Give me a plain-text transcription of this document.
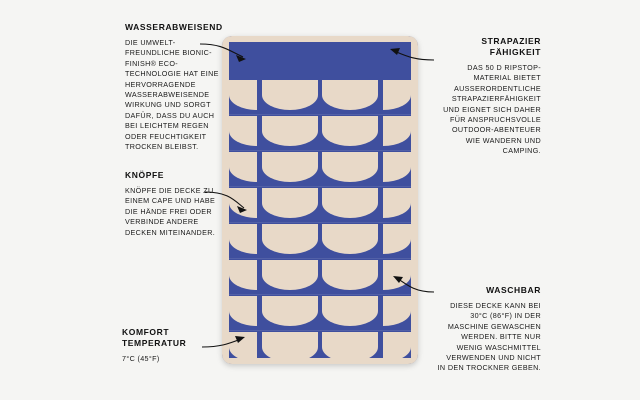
WASSERABWEISEND
DIE UMWELT-FREUNDLICHE BIONIC-FINISH® ECO-TECHNOLOGIE HAT EINE HERVORRAGENDE WASSERABWEISENDE WIRKUNG UND SORGT DAFÜR, DASS DU AUCH BEI LEICHTEM REGEN ODER FEUCHTIGKEIT TROCKEN BLEIBST.
KNÖPFE
KNÖPFE DIE DECKE ZU EINEM CAPE UND HABE DIE HÄNDE FREI ODER VERBINDE ANDERE DECKEN MITEINANDER.
KOMFORT TEMPERATUR
7°C (45°F)
STRAPAZIER FÄHIGKEIT
DAS 50 D RIPSTOP-MATERIAL BIETET AUSSERORDENTLICHE STRAPAZIERFÄHIGKEIT UND EIGNET SICH DAHER FÜR ANSPRUCHSVOLLE OUTDOOR-ABENTEUER WIE WANDERN UND CAMPING.
WASCHBAR
DIESE DECKE KANN BEI 30°C (86°F) IN DER MASCHINE GEWASCHEN WERDEN. BITTE NUR WENIG WASCHMITTEL VERWENDEN UND NICHT IN DEN TROCKNER GEBEN.
